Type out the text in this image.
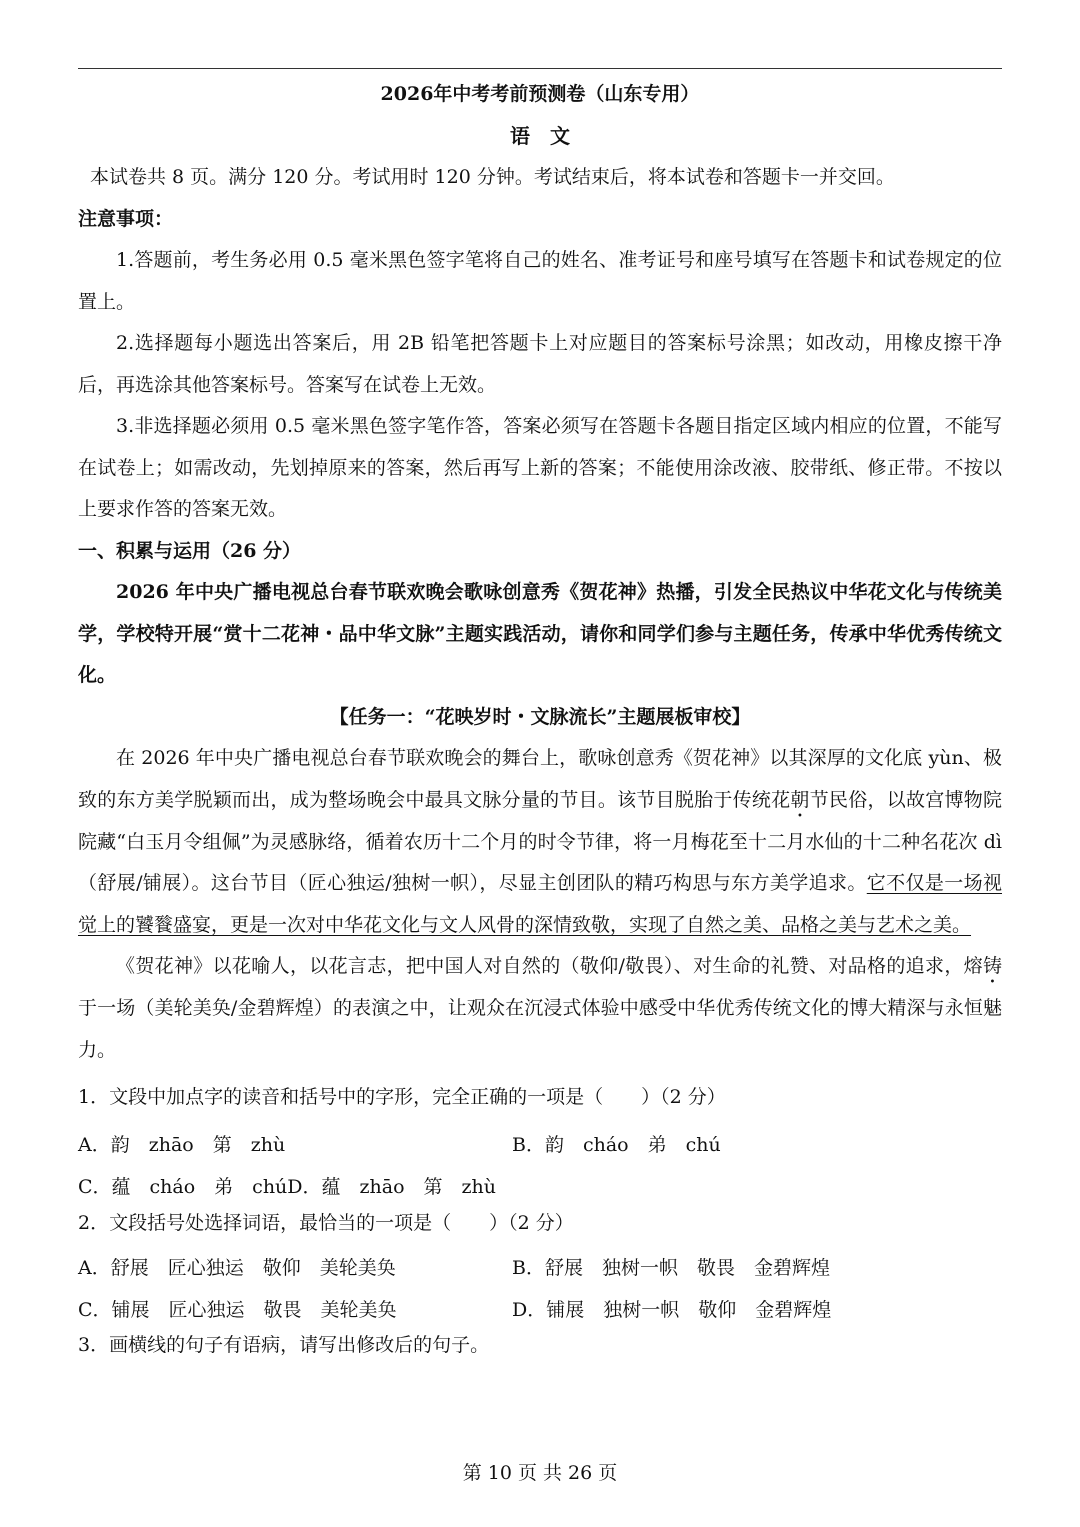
2026年中考考前预测卷（山东专用）

语文

本试卷共 8 页。满分 120 分。考试用时 120 分钟。考试结束后，将本试卷和答题卡一并交回。

注意事项：

1.答题前，考生务必用 0.5 毫米黑色签字笔将自己的姓名、准考证号和座号填写在答题卡和试卷规定的位置上。

2.选择题每小题选出答案后，用 2B 铅笔把答题卡上对应题目的答案标号涂黑；如改动，用橡皮擦干净后，再选涂其他答案标号。答案写在试卷上无效。

3.非选择题必须用 0.5 毫米黑色签字笔作答，答案必须写在答题卡各题目指定区域内相应的位置，不能写在试卷上；如需改动，先划掉原来的答案，然后再写上新的答案；不能使用涂改液、胶带纸、修正带。不按以上要求作答的答案无效。

一、积累与运用（26 分）

2026 年中央广播电视总台春节联欢晚会歌咏创意秀《贺花神》热播，引发全民热议中华花文化与传统美学，学校特开展“赏十二花神・品中华文脉”主题实践活动，请你和同学们参与主题任务，传承中华优秀传统文化。

【任务一：“花映岁时・文脉流长”主题展板审校】

在 2026 年中央广播电视总台春节联欢晚会的舞台上，歌咏创意秀《贺花神》以其深厚的文化底 yùn、极致的东方美学脱颖而出，成为整场晚会中最具文脉分量的节目。该节目脱胎于传统花朝节民俗，以故宫博物院院藏“白玉月令组佩”为灵感脉络，循着农历十二个月的时令节律，将一月梅花至十二月水仙的十二种名花次 dì（舒展/铺展）。这台节目（匠心独运/独树一帜），尽显主创团队的精巧构思与东方美学追求。它不仅是一场视觉上的饕餮盛宴，更是一次对中华花文化与文人风骨的深情致敬，实现了自然之美、品格之美与艺术之美。

《贺花神》以花喻人，以花言志，把中国人对自然的（敬仰/敬畏）、对生命的礼赞、对品格的追求，熔铸于一场（美轮美奂/金碧辉煌）的表演之中，让观众在沉浸式体验中感受中华优秀传统文化的博大精深与永恒魅力。

1．文段中加点字的读音和括号中的字形，完全正确的一项是（　　）（2 分）

A．韵　zhāo　第　zhù	B．韵　cháo　弟　chú
C．蕴　cháo　弟　chúD．蕴　zhāo　第　zhù

2．文段括号处选择词语，最恰当的一项是（　　）（2 分）

A．舒展　匠心独运　敬仰　美轮美奂	B．舒展　独树一帜　敬畏　金碧辉煌
C．铺展　匠心独运　敬畏　美轮美奂	D．铺展　独树一帜　敬仰　金碧辉煌

3．画横线的句子有语病，请写出修改后的句子。

第 10 页 共 26 页
